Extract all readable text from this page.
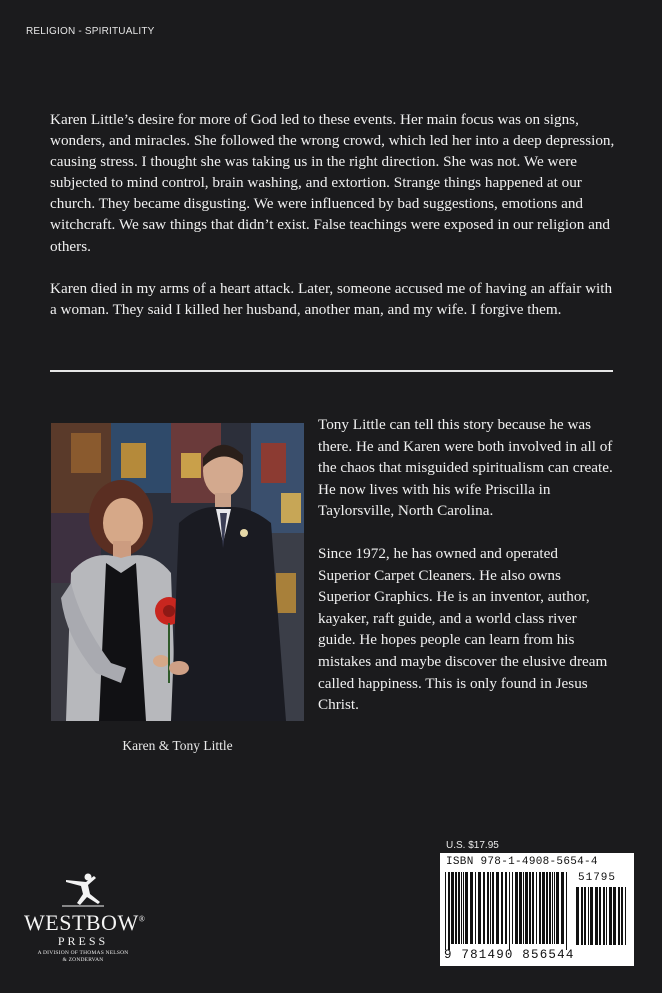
RELIGION - SPIRITUALITY

Karen Little’s desire for more of God led to these events. Her main focus was on signs, wonders, and miracles. She followed the wrong crowd, which led her into a deep depression, causing stress. I thought she was taking us in the right direction. She was not. We were subjected to mind control, brain washing, and extortion. Strange things happened at our church. They became disgusting. We were influenced by bad suggestions, emotions and witchcraft. We saw things that didn’t exist. False teachings were exposed in our religion and others.

Karen died in my arms of a heart attack. Later, someone accused me of having an affair with a woman. They said I killed her husband, another man, and my wife. I forgive them.

Karen & Tony Little

Tony Little can tell this story because he was there. He and Karen were both involved in all of the chaos that misguided spiritualism can create. He now lives with his wife Priscilla in Taylorsville, North Carolina.

Since 1972, he has owned and operated Superior Carpet Cleaners. He also owns Superior Graphics. He is an inventor, author, kayaker, raft guide, and a world class river guide. He hopes people can learn from his mistakes and maybe discover the elusive dream called happiness. This is only found in Jesus Christ.

U.S. $17.95
ISBN 978-1-4908-5654-4
51795
9 781490 856544
WESTBOW®
PRESS
A DIVISION OF THOMAS NELSON
& ZONDERVAN
